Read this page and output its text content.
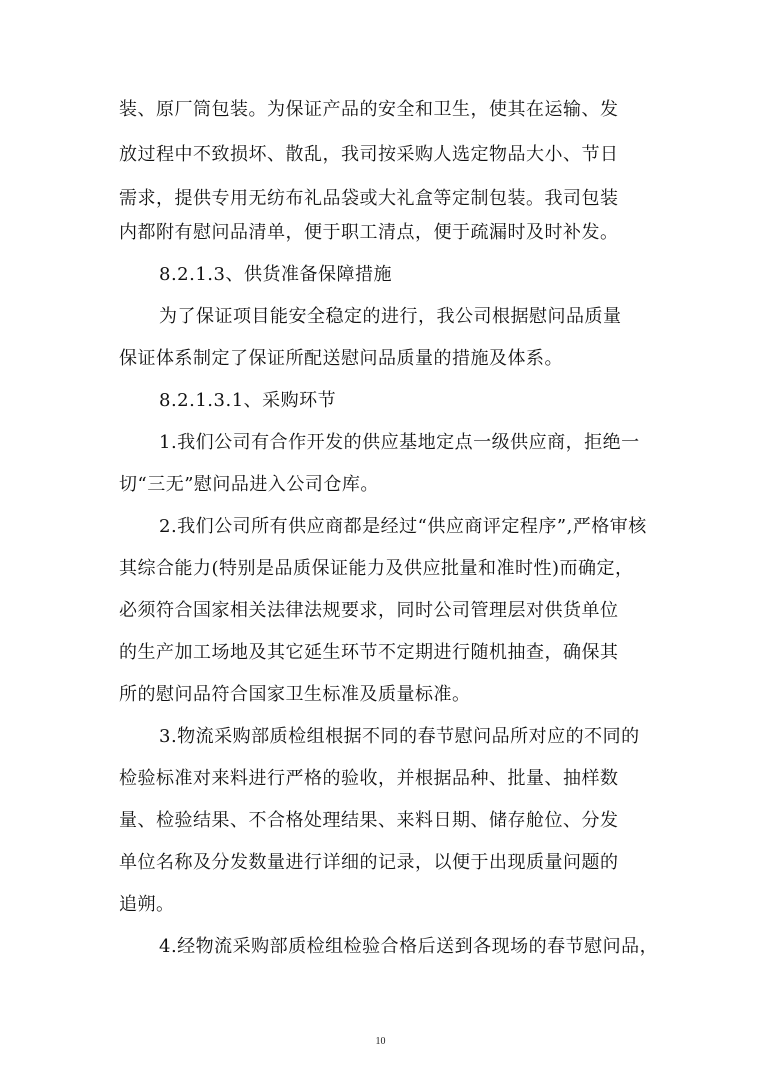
装、原厂筒包装。为保证产品的安全和卫生，使其在运输、发
放过程中不致损坏、散乱，我司按采购人选定物品大小、节日
需求，提供专用无纺布礼品袋或大礼盒等定制包装。我司包装
内都附有慰问品清单，便于职工清点，便于疏漏时及时补发。
8.2.1.3、供货准备保障措施
为了保证项目能安全稳定的进行，我公司根据慰问品质量
保证体系制定了保证所配送慰问品质量的措施及体系。
8.2.1.3.1、采购环节
1.我们公司有合作开发的供应基地定点一级供应商，拒绝一
切“三无”慰问品进入公司仓库。
2.我们公司所有供应商都是经过“供应商评定程序”,严格审核
其综合能力(特别是品质保证能力及供应批量和准时性)而确定，
必须符合国家相关法律法规要求，同时公司管理层对供货单位
的生产加工场地及其它延生环节不定期进行随机抽查，确保其
所的慰问品符合国家卫生标准及质量标准。
3.物流采购部质检组根据不同的春节慰问品所对应的不同的
检验标准对来料进行严格的验收，并根据品种、批量、抽样数
量、检验结果、不合格处理结果、来料日期、储存舱位、分发
单位名称及分发数量进行详细的记录，以便于出现质量问题的
追朔。
4.经物流采购部质检组检验合格后送到各现场的春节慰问品，
10
